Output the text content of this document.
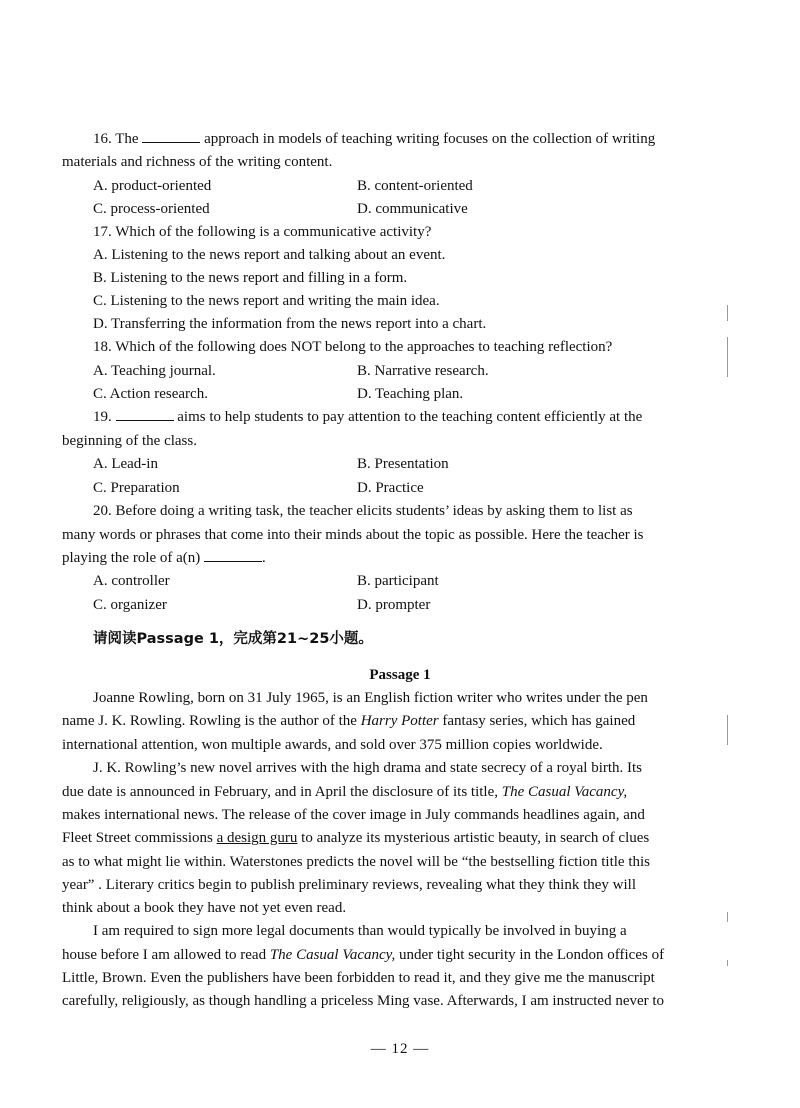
16. The	approach in models of teaching writing focuses on the collection of writing
materials and richness of the writing content.
A. product-oriented	B. content-oriented
C. process-oriented	D. communicative
17. Which of the following is a communicative activity?
A. Listening to the news report and talking about an event.
B. Listening to the news report and filling in a form.
C. Listening to the news report and writing the main idea.
D. Transferring the information from the news report into a chart.
18. Which of the following does NOT belong to the approaches to teaching reflection?
A. Teaching journal.	B. Narrative research.
C. Action research.	D. Teaching plan.
19.	aims to help students to pay attention to the teaching content efficiently at the
beginning of the class.
A. Lead-in	B. Presentation
C. Preparation	D. Practice
20. Before doing a writing task, the teacher elicits students’ ideas by asking them to list as
many words or phrases that come into their minds about the topic as possible. Here the teacher is
playing the role of a(n)	.
A. controller	B. participant
C. organizer	D. prompter
请阅读Passage 1，完成第21~25小题。
Passage 1
Joanne Rowling, born on 31 July 1965, is an English fiction writer who writes under the pen
name J. K. Rowling. Rowling is the author of the Harry Potter fantasy series, which has gained
international attention, won multiple awards, and sold over 375 million copies worldwide.
J. K. Rowling’s new novel arrives with the high drama and state secrecy of a royal birth. Its
due date is announced in February, and in April the disclosure of its title, The Casual Vacancy,
makes international news. The release of the cover image in July commands headlines again, and
Fleet Street commissions a design guru to analyze its mysterious artistic beauty, in search of clues
as to what might lie within. Waterstones predicts the novel will be “the bestselling fiction title this
year” . Literary critics begin to publish preliminary reviews, revealing what they think they will
think about a book they have not yet even read.
I am required to sign more legal documents than would typically be involved in buying a
house before I am allowed to read The Casual Vacancy, under tight security in the London offices of
Little, Brown. Even the publishers have been forbidden to read it, and they give me the manuscript
carefully, religiously, as though handling a priceless Ming vase. Afterwards, I am instructed never to
— 12 —
